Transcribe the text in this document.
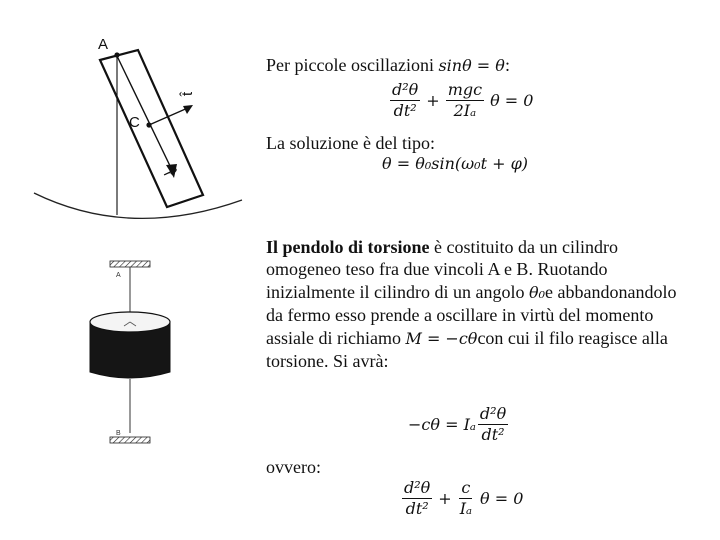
A
C
t̂
r̂
A
B
Per piccole oscillazioni sinθ = θ:
$\frac{\text{d²θ}}{\text{dt²}} + \frac{\text{mgc}}{\text{2Iₐ}}$ θ = 0
La soluzione è del tipo:
θ = θ₀sin(ω₀t + φ)
Il pendolo di torsione è costituito da un cilindro omogeneo teso fra due vincoli A e B. Ruotando inizialmente il cilindro di un angolo θ₀e abbandonandolo da fermo esso prende a oscillare in virtù del momento assiale di richiamo M = −cθcon cui il filo reagisce alla torsione. Si avrà:
−cθ = Iₐ $\frac{\text{d²θ}}{\text{dt²}}$
ovvero:
$\frac{\text{d²θ}}{\text{dt²}} + \frac{c}{\text{Iₐ}}$ θ = 0
